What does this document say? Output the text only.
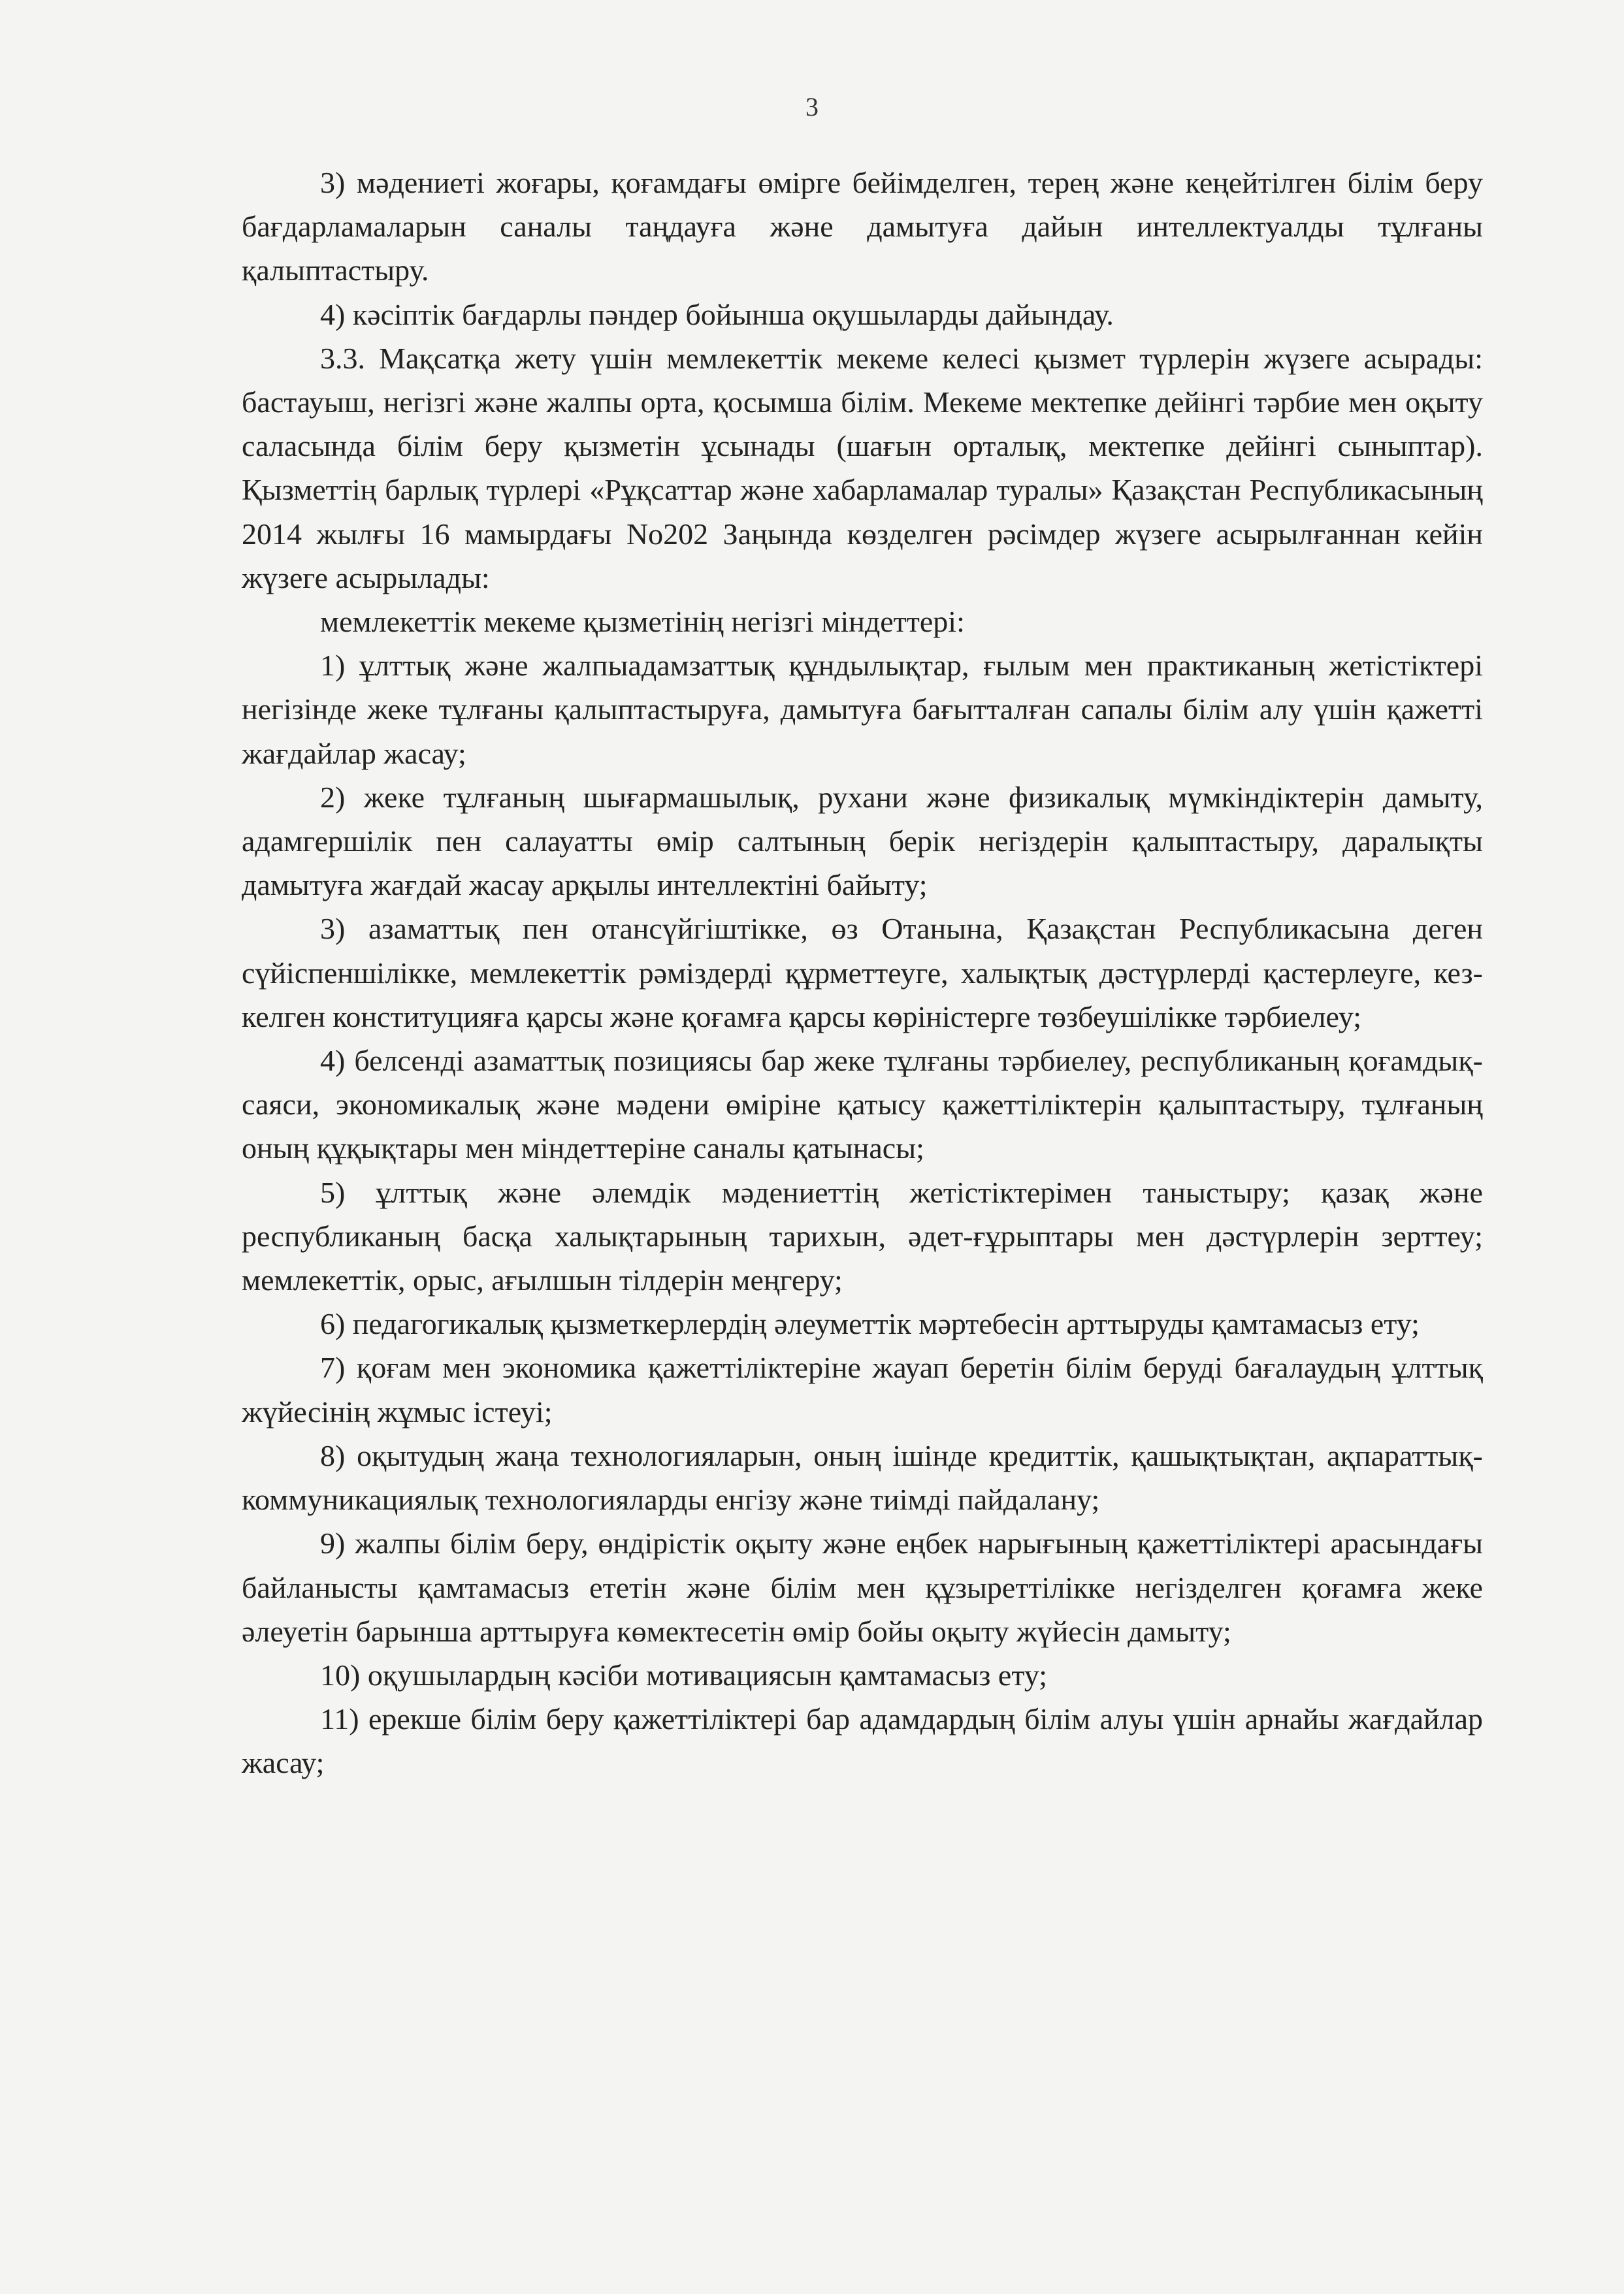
3

3) мәдениеті жоғары, қоғамдағы өмірге бейімделген, терең және кеңейтілген білім беру бағдарламаларын саналы таңдауға және дамытуға дайын интеллектуалды тұлғаны қалыптастыру.

4) кәсіптік бағдарлы пәндер бойынша оқушыларды дайындау.

3.3. Мақсатқа жету үшін мемлекеттік мекеме келесі қызмет түрлерін жүзеге асырады: бастауыш, негізгі және жалпы орта, қосымша білім. Мекеме мектепке дейінгі тәрбие мен оқыту саласында білім беру қызметін ұсынады (шағын орталық, мектепке дейінгі сыныптар). Қызметтің барлық түрлері «Рұқсаттар және хабарламалар туралы» Қазақстан Республикасының 2014 жылғы 16 мамырдағы No202 Заңында көзделген рәсімдер жүзеге асырылғаннан кейін жүзеге асырылады:

мемлекеттік мекеме қызметінің негізгі міндеттері:

1) ұлттық және жалпыадамзаттық құндылықтар, ғылым мен практиканың жетістіктері негізінде жеке тұлғаны қалыптастыруға, дамытуға бағытталған сапалы білім алу үшін қажетті жағдайлар жасау;

2) жеке тұлғаның шығармашылық, рухани және физикалық мүмкіндіктерін дамыту, адамгершілік пен салауатты өмір салтының берік негіздерін қалыптастыру, даралықты дамытуға жағдай жасау арқылы интеллектіні байыту;

3) азаматтық пен отансүйгіштікке, өз Отанына, Қазақстан Республикасына деген сүйіспеншілікке, мемлекеттік рәміздерді құрметтеуге, халықтық дәстүрлерді қастерлеуге, кез-келген конституцияға қарсы және қоғамға қарсы көріністерге төзбеушілікке тәрбиелеу;

4) белсенді азаматтық позициясы бар жеке тұлғаны тәрбиелеу, республиканың қоғамдық-саяси, экономикалық және мәдени өміріне қатысу қажеттіліктерін қалыптастыру, тұлғаның оның құқықтары мен міндеттеріне саналы қатынасы;

5) ұлттық және әлемдік мәдениеттің жетістіктерімен таныстыру; қазақ және республиканың басқа халықтарының тарихын, әдет-ғұрыптары мен дәстүрлерін зерттеу; мемлекеттік, орыс, ағылшын тілдерін меңгеру;

6) педагогикалық қызметкерлердің әлеуметтік мәртебесін арттыруды қамтамасыз ету;

7) қоғам мен экономика қажеттіліктеріне жауап беретін білім беруді бағалаудың ұлттық жүйесінің жұмыс істеуі;

8) оқытудың жаңа технологияларын, оның ішінде кредиттік, қашықтықтан, ақпараттық-коммуникациялық технологияларды енгізу және тиімді пайдалану;

9) жалпы білім беру, өндірістік оқыту және еңбек нарығының қажеттіліктері арасындағы байланысты қамтамасыз ететін және білім мен құзыреттілікке негізделген қоғамға жеке әлеуетін барынша арттыруға көмектесетін өмір бойы оқыту жүйесін дамыту;

10) оқушылардың кәсіби мотивациясын қамтамасыз ету;

11) ерекше білім беру қажеттіліктері бар адамдардың білім алуы үшін арнайы жағдайлар жасау;
